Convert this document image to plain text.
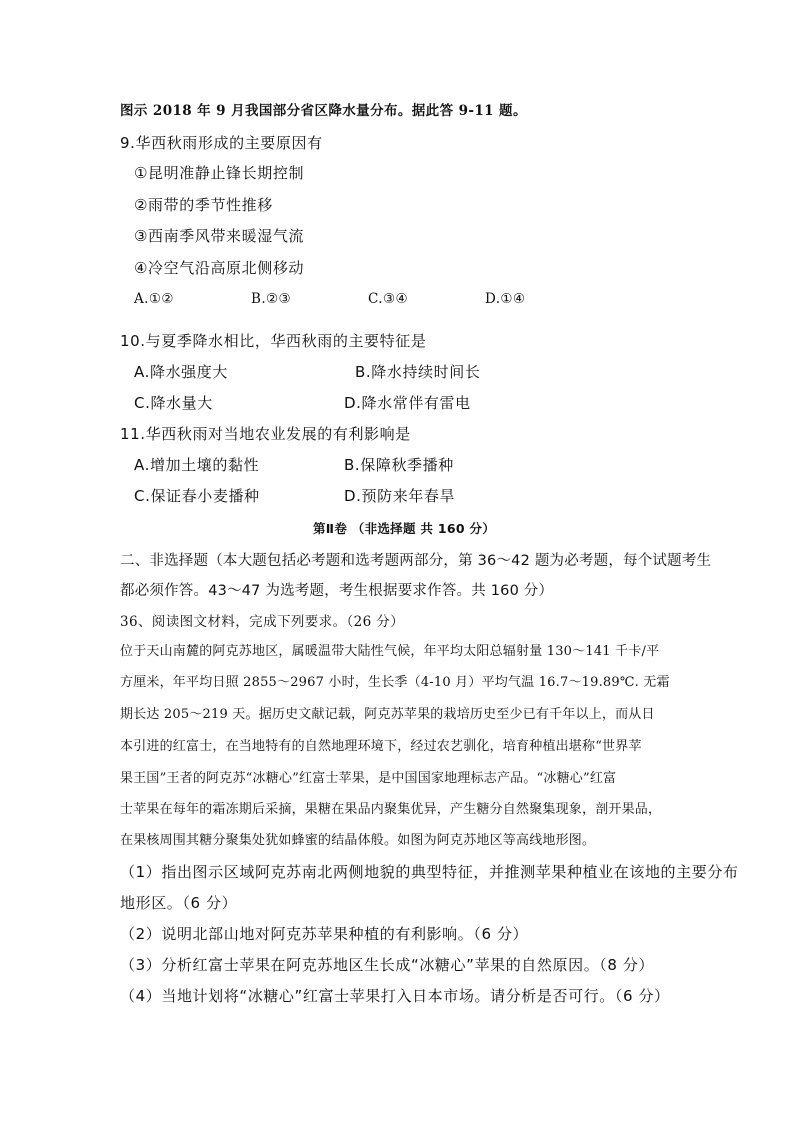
图示 2018 年 9 月我国部分省区降水量分布。据此答 9-11 题。
9.华西秋雨形成的主要原因有
①昆明准静止锋长期控制
②雨带的季节性推移
③西南季风带来暖湿气流
④冷空气沿高原北侧移动
A.①②	B.②③	C.③④	D.①④
10.与夏季降水相比，华西秋雨的主要特征是
A.降水强度大	B.降水持续时间长
C.降水量大	D.降水常伴有雷电
11.华西秋雨对当地农业发展的有利影响是
A.增加土壤的黏性	B.保障秋季播种
C.保证春小麦播种	D.预防来年春旱
第Ⅱ卷 （非选择题 共 160 分）
二、非选择题（本大题包括必考题和选考题两部分，第 36～42 题为必考题，每个试题考生
都必须作答。43～47 为选考题，考生根据要求作答。共 160 分）
36、阅读图文材料，完成下列要求。（26 分）
位于天山南麓的阿克苏地区，属暖温带大陆性气候，年平均太阳总辐射量 130～141 千卡/平
方厘米，年平均日照 2855～2967 小时，生长季（4-10 月）平均气温 16.7～19.89℃. 无霜
期长达 205～219 天。据历史文献记载，阿克苏苹果的栽培历史至少已有千年以上，而从日
本引进的红富士，在当地特有的自然地理环境下，经过农艺驯化，培育种植出堪称“世界苹
果王国”王者的阿克苏“冰糖心”红富士苹果，是中国国家地理标志产品。“冰糖心”红富
士苹果在每年的霜冻期后采摘，果糖在果品内聚集优异，产生糖分自然聚集现象，剖开果品，
在果核周围其糖分聚集处犹如蜂蜜的结晶体般。如图为阿克苏地区等高线地形图。
（1）指出图示区域阿克苏南北两侧地貌的典型特征，并推测苹果种植业在该地的主要分布
地形区。（6 分）
（2）说明北部山地对阿克苏苹果种植的有利影响。（6 分）
（3）分析红富士苹果在阿克苏地区生长成“冰糖心”苹果的自然原因。（8 分）
（4）当地计划将“冰糖心”红富士苹果打入日本市场。请分析是否可行。（6 分）
